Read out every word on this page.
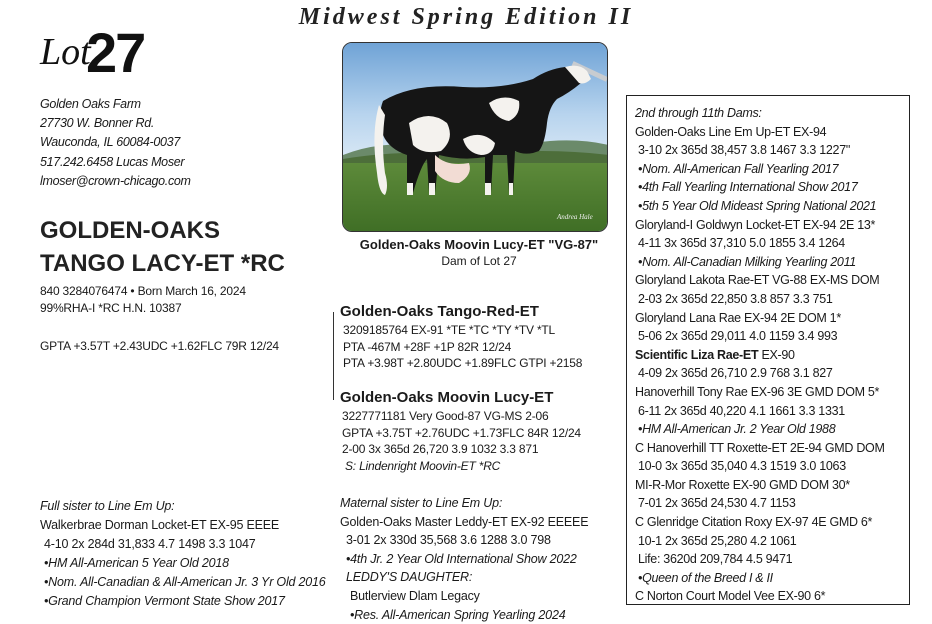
Midwest Spring Edition II
Lot
27
Golden Oaks Farm
27730 W. Bonner Rd.
Wauconda, IL 60084-0037
517.242.6458 Lucas Moser
lmoser@crown-chicago.com
GOLDEN-OAKS
TANGO LACY-ET *RC
840 3284076474 • Born March 16, 2024
99%RHA-I *RC H.N. 10387
GPTA +3.57T +2.43UDC +1.62FLC 79R 12/24
Full sister to Line Em Up:
Walkerbrae Dorman Locket-ET EX-95 EEEE
4-10 2x 284d 31,833 4.7 1498 3.3 1047
•HM All-American 5 Year Old 2018
•Nom. All-Canadian & All-American Jr. 3 Yr Old 2016
•Grand Champion Vermont State Show 2017
Andrea Hale
Golden-Oaks Moovin Lucy-ET "VG-87"
Dam of Lot 27
Golden-Oaks Tango-Red-ET
3209185764 EX-91 *TE *TC *TY *TV *TL
PTA -467M +28F +1P 82R 12/24
PTA +3.98T +2.80UDC +1.89FLC GTPI +2158
Golden-Oaks Moovin Lucy-ET
3227771181 Very Good-87 VG-MS 2-06
GPTA +3.75T +2.76UDC +1.73FLC 84R 12/24
2-00 3x 365d 26,720 3.9 1032 3.3 871
S: Lindenright Moovin-ET *RC
Maternal sister to Line Em Up:
Golden-Oaks Master Leddy-ET EX-92 EEEEE
3-01 2x 330d 35,568 3.6 1288 3.0 798
•4th Jr. 2 Year Old International Show 2022
LEDDY'S DAUGHTER:
Butlerview Dlam Legacy
•Res. All-American Spring Yearling 2024
2nd through 11th Dams:
Golden-Oaks Line Em Up-ET EX-94
3-10 2x 365d 38,457 3.8 1467 3.3 1227"
•Nom. All-American Fall Yearling 2017
•4th Fall Yearling International Show 2017
•5th 5 Year Old Mideast Spring National 2021
Gloryland-I Goldwyn Locket-ET EX-94 2E 13*
4-11 3x 365d 37,310 5.0 1855 3.4 1264
•Nom. All-Canadian Milking Yearling 2011
Gloryland Lakota Rae-ET VG-88 EX-MS DOM
2-03 2x 365d 22,850 3.8 857 3.3 751
Gloryland Lana Rae EX-94 2E DOM 1*
5-06 2x 365d 29,011 4.0 1159 3.4 993
Scientific Liza Rae-ET EX-90
4-09 2x 365d 26,710 2.9 768 3.1 827
Hanoverhill Tony Rae EX-96 3E GMD DOM 5*
6-11 2x 365d 40,220 4.1 1661 3.3 1331
•HM All-American Jr. 2 Year Old 1988
C Hanoverhill TT Roxette-ET 2E-94 GMD DOM
10-0 3x 365d 35,040 4.3 1519 3.0 1063
MI-R-Mor Roxette EX-90 GMD DOM 30*
7-01 2x 365d 24,530 4.7 1153
C Glenridge Citation Roxy EX-97 4E GMD 6*
10-1 2x 365d 25,280 4.2 1061
Life: 3620d 209,784 4.5 9471
•Queen of the Breed I & II
C Norton Court Model Vee EX-90 6*
